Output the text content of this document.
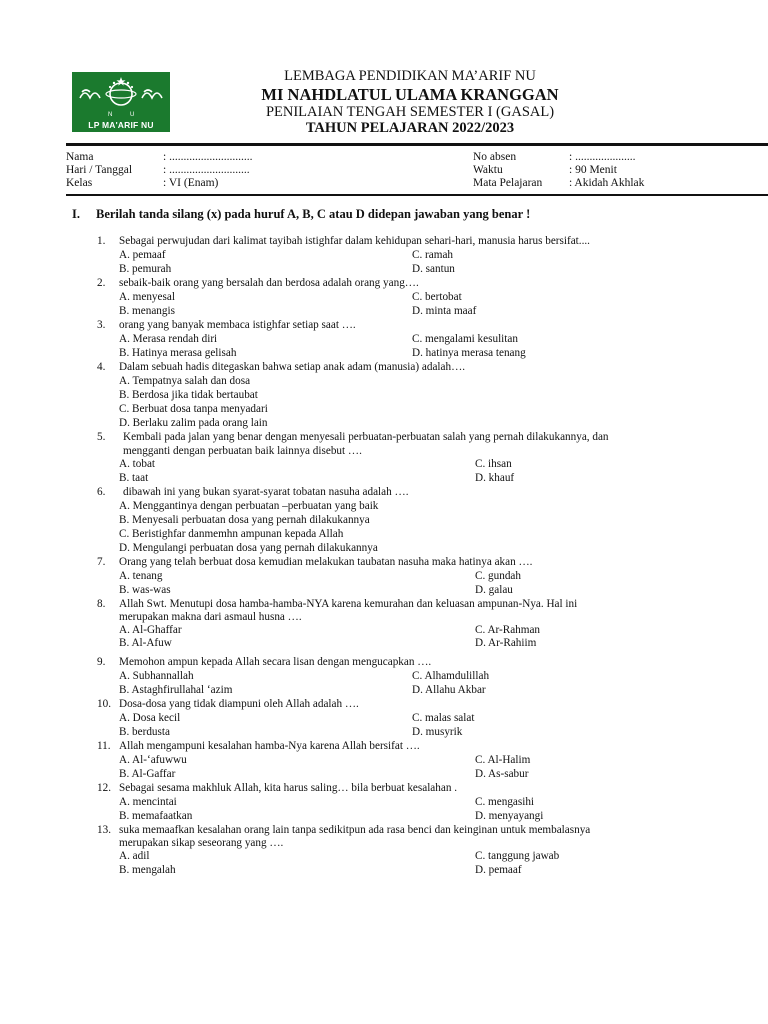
N	U
LP MA'ARIF NU
LEMBAGA PENDIDIKAN MA’ARIF NU
MI NAHDLATUL ULAMA KRANGGAN
PENILAIAN TENGAH SEMESTER I (GASAL)
TAHUN PELAJARAN 2022/2023
Nama	: .............................
Hari / Tanggal	: ............................
Kelas	: VI (Enam)
No absen	: .....................
Waktu	: 90 Menit
Mata Pelajaran : Akidah Akhlak
I. Berilah tanda silang (x) pada huruf A, B, C atau D didepan jawaban yang benar !
1. Sebagai perwujudan dari kalimat tayibah istighfar dalam kehidupan sehari-hari, manusia harus bersifat....
A. pemaaf
B. pemurah
C. ramah
D. santun
2. sebaik-baik orang yang bersalah dan berdosa adalah orang yang….
A. menyesal
B. menangis
C. bertobat
D. minta maaf
3. orang yang banyak membaca istighfar setiap saat ….
A. Merasa rendah diri
B. Hatinya merasa gelisah
C. mengalami kesulitan
D. hatinya merasa tenang
4. Dalam sebuah hadis ditegaskan bahwa setiap anak adam (manusia) adalah….
A. Tempatnya salah dan dosa
B. Berdosa jika tidak bertaubat
C. Berbuat dosa tanpa menyadari
D. Berlaku zalim pada orang lain
5. Kembali pada jalan yang benar dengan menyesali perbuatan-perbuatan salah yang pernah dilakukannya, dan
mengganti dengan perbuatan baik lainnya disebut ….
A. tobat
B. taat
C. ihsan
D. khauf
6. dibawah ini yang bukan syarat-syarat tobatan nasuha adalah ….
A. Menggantinya dengan perbuatan –perbuatan yang baik
B. Menyesali perbuatan dosa yang pernah dilakukannya
C. Beristighfar danmemhn ampunan kepada Allah
D. Mengulangi perbuatan dosa yang pernah dilakukannya
7. Orang yang telah berbuat dosa kemudian melakukan taubatan nasuha maka hatinya akan ….
A. tenang
B. was-was
C. gundah
D. galau
8. Allah Swt. Menutupi dosa hamba-hamba-NYA karena kemurahan dan keluasan ampunan-Nya. Hal ini
merupakan makna dari asmaul husna ….
A. Al-Ghaffar
B. Al-Afuw
C. Ar-Rahman
D. Ar-Rahiim
9. Memohon ampun kepada Allah secara lisan dengan mengucapkan ….
A. Subhannallah
B. Astaghfirullahal ‘azim
C. Alhamdulillah
D. Allahu Akbar
10. Dosa-dosa yang tidak diampuni oleh Allah adalah ….
A. Dosa kecil
B. berdusta
C. malas salat
D. musyrik
11. Allah mengampuni kesalahan hamba-Nya karena Allah bersifat ….
A. Al-‘afuwwu
B. Al-Gaffar
C. Al-Halim
D. As-sabur
12. Sebagai sesama makhluk Allah, kita harus saling… bila berbuat kesalahan .
A. mencintai
B. memafaatkan
C. mengasihi
D. menyayangi
13. suka memaafkan kesalahan orang lain tanpa sedikitpun ada rasa benci dan keinginan untuk membalasnya
merupakan sikap seseorang yang ….
A. adil
B. mengalah
C. tanggung jawab
D. pemaaf
